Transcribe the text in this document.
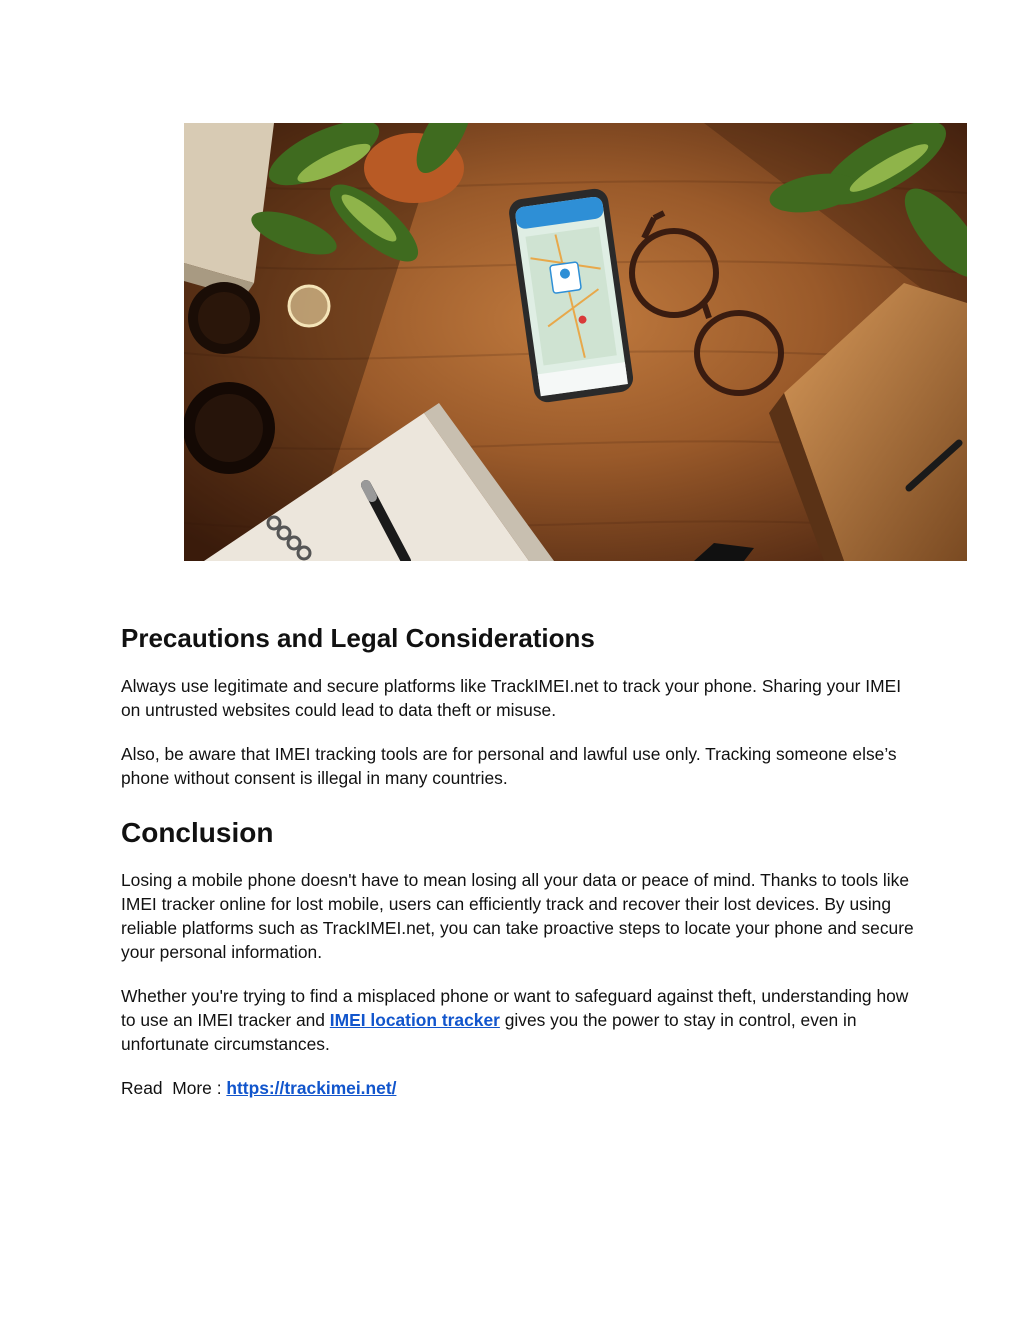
Precautions and Legal Considerations

Always use legitimate and secure platforms like TrackIMEI.net to track your phone. Sharing your IMEI on untrusted websites could lead to data theft or misuse.

Also, be aware that IMEI tracking tools are for personal and lawful use only. Tracking someone else’s phone without consent is illegal in many countries.

Conclusion

Losing a mobile phone doesn't have to mean losing all your data or peace of mind. Thanks to tools like IMEI tracker online for lost mobile, users can efficiently track and recover their lost devices. By using reliable platforms such as TrackIMEI.net, you can take proactive steps to locate your phone and secure your personal information.

Whether you're trying to find a misplaced phone or want to safeguard against theft, understanding how to use an IMEI tracker and IMEI location tracker gives you the power to stay in control, even in unfortunate circumstances.

Read  More : https://trackimei.net/
